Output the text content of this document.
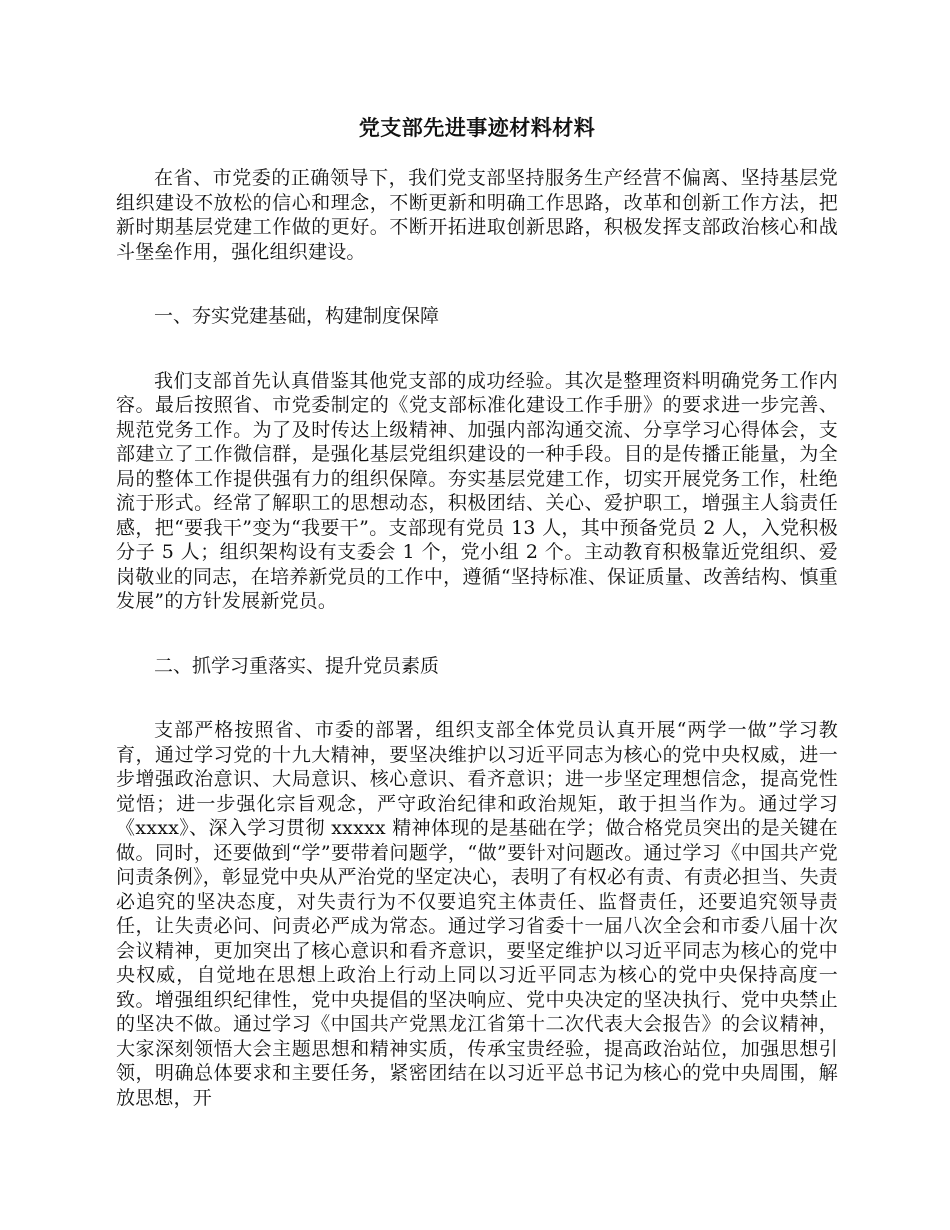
党支部先进事迹材料材料

在省、市党委的正确领导下，我们党支部坚持服务生产经营不偏离、坚持基层党组织建设不放松的信心和理念，不断更新和明确工作思路，改革和创新工作方法，把新时期基层党建工作做的更好。不断开拓进取创新思路，积极发挥支部政治核心和战斗堡垒作用，强化组织建设。

一、夯实党建基础，构建制度保障

我们支部首先认真借鉴其他党支部的成功经验。其次是整理资料明确党务工作内容。最后按照省、市党委制定的《党支部标准化建设工作手册》的要求进一步完善、规范党务工作。为了及时传达上级精神、加强内部沟通交流、分享学习心得体会，支部建立了工作微信群，是强化基层党组织建设的一种手段。目的是传播正能量，为全局的整体工作提供强有力的组织保障。夯实基层党建工作，切实开展党务工作，杜绝流于形式。经常了解职工的思想动态，积极团结、关心、爱护职工，增强主人翁责任感，把“要我干”变为“我要干”。支部现有党员 13 人，其中预备党员 2 人，入党积极分子 5 人；组织架构设有支委会 1 个，党小组 2 个。主动教育积极靠近党组织、爱岗敬业的同志，在培养新党员的工作中，遵循“坚持标准、保证质量、改善结构、慎重发展”的方针发展新党员。

二、抓学习重落实、提升党员素质

支部严格按照省、市委的部署，组织支部全体党员认真开展“两学一做”学习教育，通过学习党的十九大精神，要坚决维护以习近平同志为核心的党中央权威，进一步增强政治意识、大局意识、核心意识、看齐意识；进一步坚定理想信念，提高党性觉悟；进一步强化宗旨观念，严守政治纪律和政治规矩，敢于担当作为。通过学习《xxxx》、深入学习贯彻 xxxxx 精神体现的是基础在学；做合格党员突出的是关键在做。同时，还要做到“学”要带着问题学，“做”要针对问题改。通过学习《中国共产党问责条例》，彰显党中央从严治党的坚定决心，表明了有权必有责、有责必担当、失责必追究的坚决态度，对失责行为不仅要追究主体责任、监督责任，还要追究领导责任，让失责必问、问责必严成为常态。通过学习省委十一届八次全会和市委八届十次会议精神，更加突出了核心意识和看齐意识，要坚定维护以习近平同志为核心的党中央权威，自觉地在思想上政治上行动上同以习近平同志为核心的党中央保持高度一致。增强组织纪律性，党中央提倡的坚决响应、党中央决定的坚决执行、党中央禁止的坚决不做。通过学习《中国共产党黑龙江省第十二次代表大会报告》的会议精神，大家深刻领悟大会主题思想和精神实质，传承宝贵经验，提高政治站位，加强思想引领，明确总体要求和主要任务，紧密团结在以习近平总书记为核心的党中央周围，解放思想，开
